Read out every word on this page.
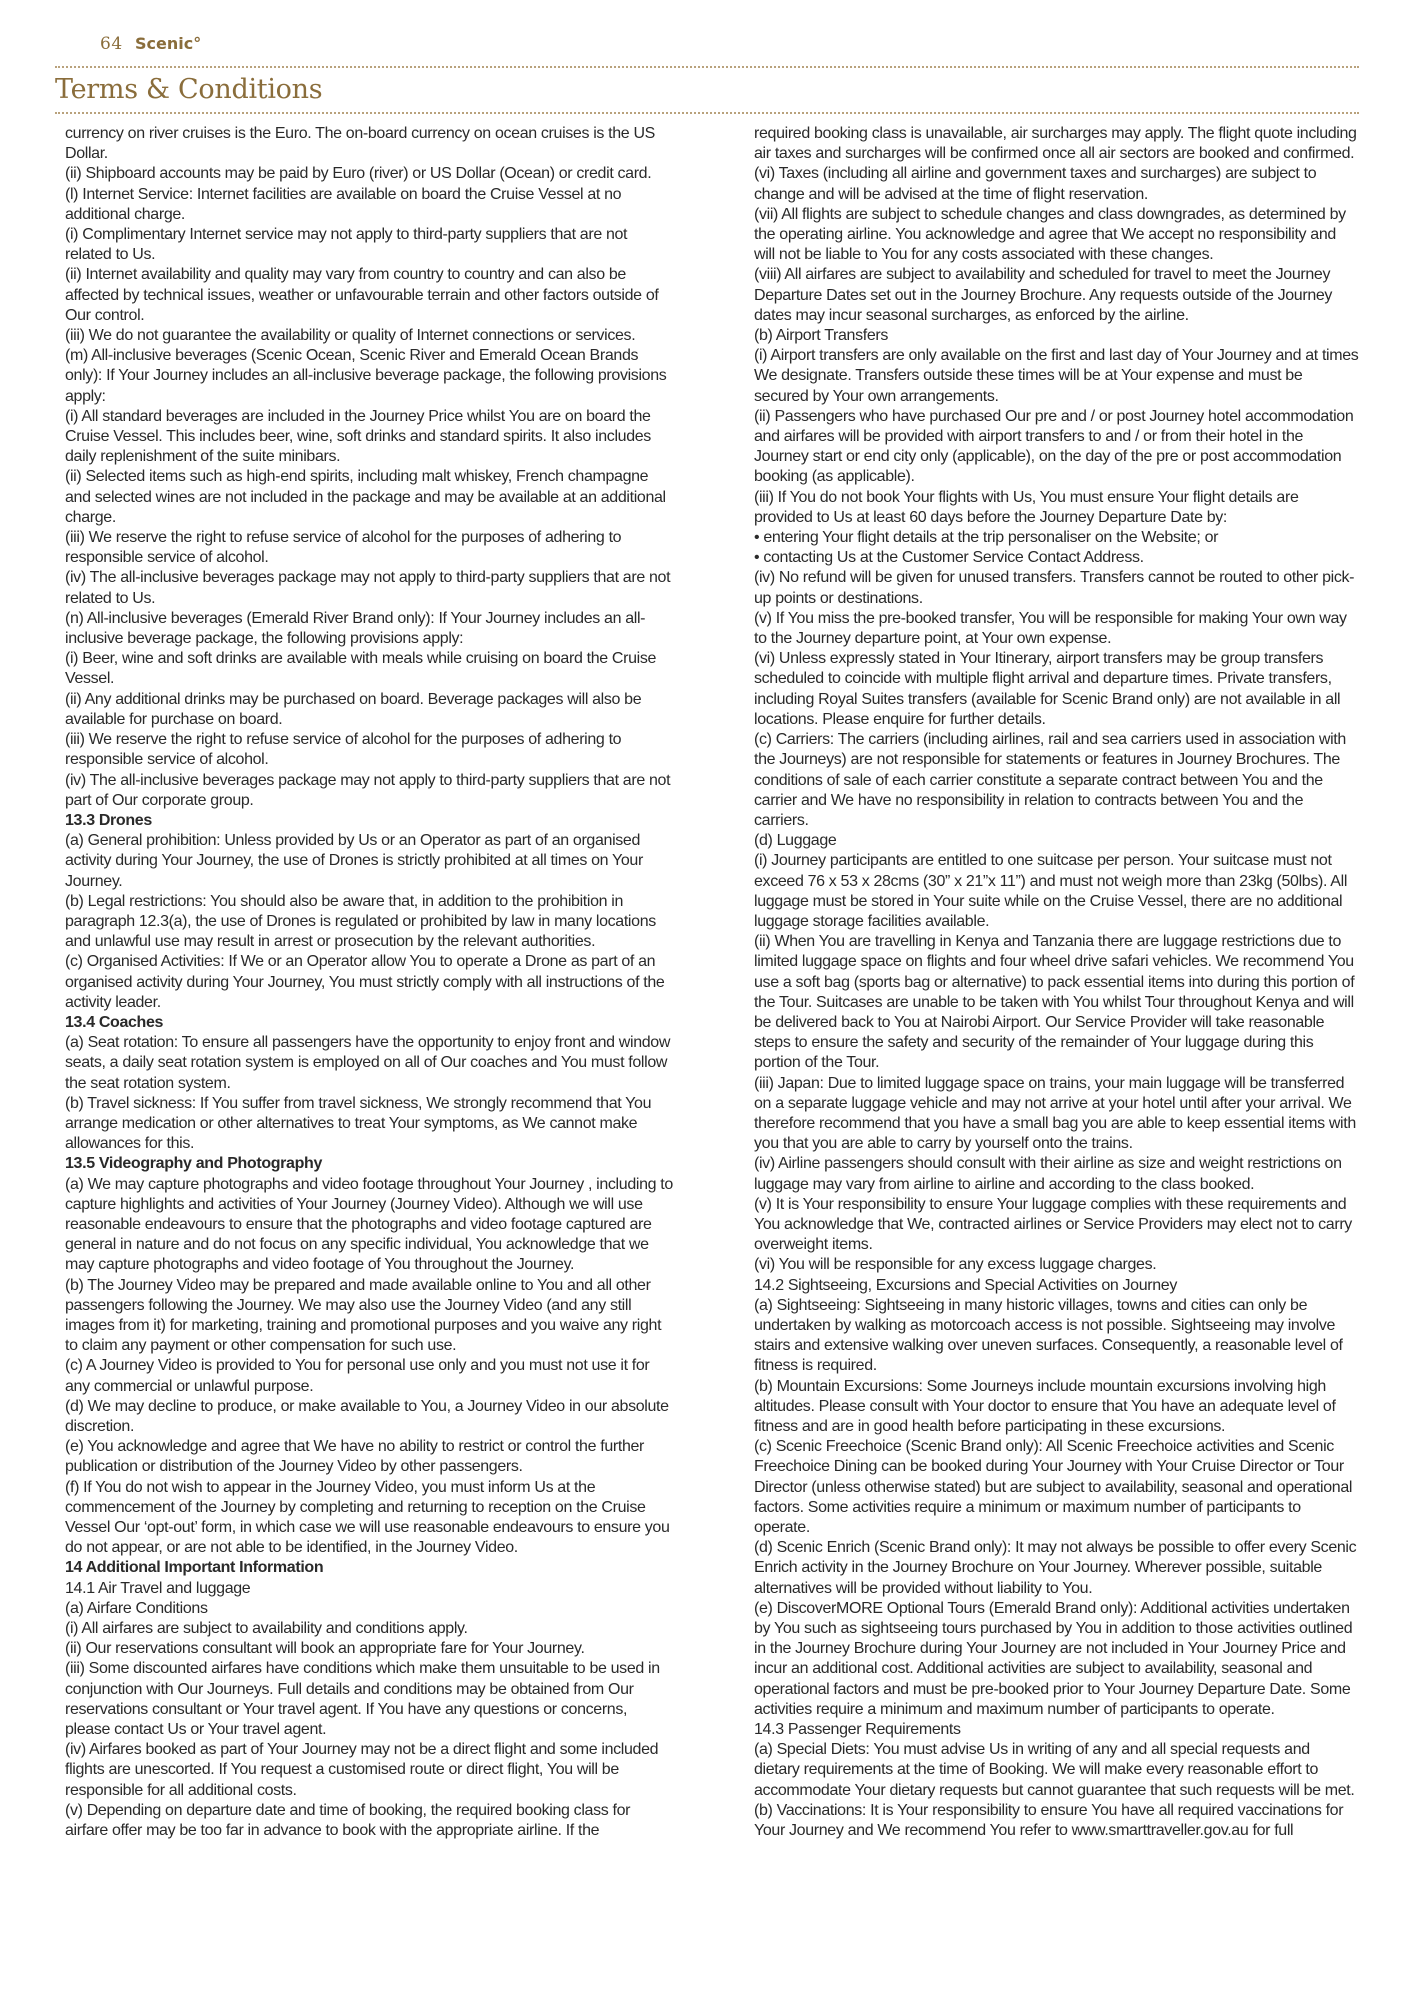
64 Scenic°
Terms & Conditions

currency on river cruises is the Euro. The on-board currency on ocean cruises is the US Dollar.

(ii) Shipboard accounts may be paid by Euro (river) or US Dollar (Ocean) or credit card.

(l) Internet Service: Internet facilities are available on board the Cruise Vessel at no additional charge.

(i) Complimentary Internet service may not apply to third-party suppliers that are not related to Us.

(ii) Internet availability and quality may vary from country to country and can also be affected by technical issues, weather or unfavourable terrain and other factors outside of Our control.

(iii) We do not guarantee the availability or quality of Internet connections or services.

(m) All-inclusive beverages (Scenic Ocean, Scenic River and Emerald Ocean Brands only): If Your Journey includes an all-inclusive beverage package, the following provisions apply:

(i) All standard beverages are included in the Journey Price whilst You are on board the Cruise Vessel. This includes beer, wine, soft drinks and standard spirits. It also includes daily replenishment of the suite minibars.

(ii) Selected items such as high-end spirits, including malt whiskey, French champagne and selected wines are not included in the package and may be available at an additional charge.

(iii) We reserve the right to refuse service of alcohol for the purposes of adhering to responsible service of alcohol.

(iv) The all-inclusive beverages package may not apply to third-party suppliers that are not related to Us.

(n) All-inclusive beverages (Emerald River Brand only): If Your Journey includes an all-inclusive beverage package, the following provisions apply:

(i) Beer, wine and soft drinks are available with meals while cruising on board the Cruise Vessel.

(ii) Any additional drinks may be purchased on board. Beverage packages will also be available for purchase on board.

(iii) We reserve the right to refuse service of alcohol for the purposes of adhering to responsible service of alcohol.

(iv) The all-inclusive beverages package may not apply to third-party suppliers that are not part of Our corporate group.

13.3 Drones

(a) General prohibition: Unless provided by Us or an Operator as part of an organised activity during Your Journey, the use of Drones is strictly prohibited at all times on Your Journey.

(b) Legal restrictions: You should also be aware that, in addition to the prohibition in paragraph 12.3(a), the use of Drones is regulated or prohibited by law in many locations and unlawful use may result in arrest or prosecution by the relevant authorities.

(c) Organised Activities: If We or an Operator allow You to operate a Drone as part of an organised activity during Your Journey, You must strictly comply with all instructions of the activity leader.

13.4 Coaches

(a) Seat rotation: To ensure all passengers have the opportunity to enjoy front and window seats, a daily seat rotation system is employed on all of Our coaches and You must follow the seat rotation system.

(b) Travel sickness: If You suffer from travel sickness, We strongly recommend that You arrange medication or other alternatives to treat Your symptoms, as We cannot make allowances for this.

13.5 Videography and Photography

(a) We may capture photographs and video footage throughout Your Journey , including to capture highlights and activities of Your Journey (Journey Video). Although we will use reasonable endeavours to ensure that the photographs and video footage captured are general in nature and do not focus on any specific individual, You acknowledge that we may capture photographs and video footage of You throughout the Journey.

(b) The Journey Video may be prepared and made available online to You and all other passengers following the Journey. We may also use the Journey Video (and any still images from it) for marketing, training and promotional purposes and you waive any right to claim any payment or other compensation for such use.

(c) A Journey Video is provided to You for personal use only and you must not use it for any commercial or unlawful purpose.

(d) We may decline to produce, or make available to You, a Journey Video in our absolute discretion.

(e) You acknowledge and agree that We have no ability to restrict or control the further publication or distribution of the Journey Video by other passengers.

(f) If You do not wish to appear in the Journey Video, you must inform Us at the commencement of the Journey by completing and returning to reception on the Cruise Vessel Our ‘opt-out’ form, in which case we will use reasonable endeavours to ensure you do not appear, or are not able to be identified, in the Journey Video.

14 Additional Important Information

14.1 Air Travel and luggage

(a) Airfare Conditions

(i) All airfares are subject to availability and conditions apply.

(ii) Our reservations consultant will book an appropriate fare for Your Journey.

(iii) Some discounted airfares have conditions which make them unsuitable to be used in conjunction with Our Journeys. Full details and conditions may be obtained from Our reservations consultant or Your travel agent. If You have any questions or concerns, please contact Us or Your travel agent.

(iv) Airfares booked as part of Your Journey may not be a direct flight and some included flights are unescorted. If You request a customised route or direct flight, You will be responsible for all additional costs.

(v) Depending on departure date and time of booking, the required booking class for airfare offer may be too far in advance to book with the appropriate airline. If the

required booking class is unavailable, air surcharges may apply. The flight quote including air taxes and surcharges will be confirmed once all air sectors are booked and confirmed.

(vi) Taxes (including all airline and government taxes and surcharges) are subject to change and will be advised at the time of flight reservation.

(vii) All flights are subject to schedule changes and class downgrades, as determined by the operating airline. You acknowledge and agree that We accept no responsibility and will not be liable to You for any costs associated with these changes.

(viii) All airfares are subject to availability and scheduled for travel to meet the Journey Departure Dates set out in the Journey Brochure. Any requests outside of the Journey dates may incur seasonal surcharges, as enforced by the airline.

(b) Airport Transfers

(i) Airport transfers are only available on the first and last day of Your Journey and at times We designate. Transfers outside these times will be at Your expense and must be secured by Your own arrangements.

(ii) Passengers who have purchased Our pre and / or post Journey hotel accommodation and airfares will be provided with airport transfers to and / or from their hotel in the Journey start or end city only (applicable), on the day of the pre or post accommodation booking (as applicable).

(iii) If You do not book Your flights with Us, You must ensure Your flight details are provided to Us at least 60 days before the Journey Departure Date by:

• entering Your flight details at the trip personaliser on the Website; or

• contacting Us at the Customer Service Contact Address.

(iv) No refund will be given for unused transfers. Transfers cannot be routed to other pick-up points or destinations.

(v) If You miss the pre-booked transfer, You will be responsible for making Your own way to the Journey departure point, at Your own expense.

(vi) Unless expressly stated in Your Itinerary, airport transfers may be group transfers scheduled to coincide with multiple flight arrival and departure times. Private transfers, including Royal Suites transfers (available for Scenic Brand only) are not available in all locations. Please enquire for further details.

(c) Carriers: The carriers (including airlines, rail and sea carriers used in association with the Journeys) are not responsible for statements or features in Journey Brochures. The conditions of sale of each carrier constitute a separate contract between You and the carrier and We have no responsibility in relation to contracts between You and the carriers.

(d) Luggage

(i) Journey participants are entitled to one suitcase per person. Your suitcase must not exceed 76 x 53 x 28cms (30” x 21”x 11”) and must not weigh more than 23kg (50lbs). All luggage must be stored in Your suite while on the Cruise Vessel, there are no additional luggage storage facilities available.

(ii) When You are travelling in Kenya and Tanzania there are luggage restrictions due to limited luggage space on flights and four wheel drive safari vehicles. We recommend You use a soft bag (sports bag or alternative) to pack essential items into during this portion of the Tour. Suitcases are unable to be taken with You whilst Tour throughout Kenya and will be delivered back to You at Nairobi Airport. Our Service Provider will take reasonable steps to ensure the safety and security of the remainder of Your luggage during this portion of the Tour.

(iii) Japan: Due to limited luggage space on trains, your main luggage will be transferred on a separate luggage vehicle and may not arrive at your hotel until after your arrival. We therefore recommend that you have a small bag you are able to keep essential items with you that you are able to carry by yourself onto the trains.

(iv) Airline passengers should consult with their airline as size and weight restrictions on luggage may vary from airline to airline and according to the class booked.

(v) It is Your responsibility to ensure Your luggage complies with these requirements and You acknowledge that We, contracted airlines or Service Providers may elect not to carry overweight items.

(vi) You will be responsible for any excess luggage charges.

14.2 Sightseeing, Excursions and Special Activities on Journey

(a) Sightseeing: Sightseeing in many historic villages, towns and cities can only be undertaken by walking as motorcoach access is not possible. Sightseeing may involve stairs and extensive walking over uneven surfaces. Consequently, a reasonable level of fitness is required.

(b) Mountain Excursions: Some Journeys include mountain excursions involving high altitudes. Please consult with Your doctor to ensure that You have an adequate level of fitness and are in good health before participating in these excursions.

(c) Scenic Freechoice (Scenic Brand only): All Scenic Freechoice activities and Scenic Freechoice Dining can be booked during Your Journey with Your Cruise Director or Tour Director (unless otherwise stated) but are subject to availability, seasonal and operational factors. Some activities require a minimum or maximum number of participants to operate.

(d) Scenic Enrich (Scenic Brand only): It may not always be possible to offer every Scenic Enrich activity in the Journey Brochure on Your Journey. Wherever possible, suitable alternatives will be provided without liability to You.

(e) DiscoverMORE Optional Tours (Emerald Brand only): Additional activities undertaken by You such as sightseeing tours purchased by You in addition to those activities outlined in the Journey Brochure during Your Journey are not included in Your Journey Price and incur an additional cost. Additional activities are subject to availability, seasonal and operational factors and must be pre-booked prior to Your Journey Departure Date. Some activities require a minimum and maximum number of participants to operate.

14.3 Passenger Requirements

(a) Special Diets: You must advise Us in writing of any and all special requests and dietary requirements at the time of Booking. We will make every reasonable effort to accommodate Your dietary requests but cannot guarantee that such requests will be met.

(b) Vaccinations: It is Your responsibility to ensure You have all required vaccinations for Your Journey and We recommend You refer to www.smarttraveller.gov.au for full
